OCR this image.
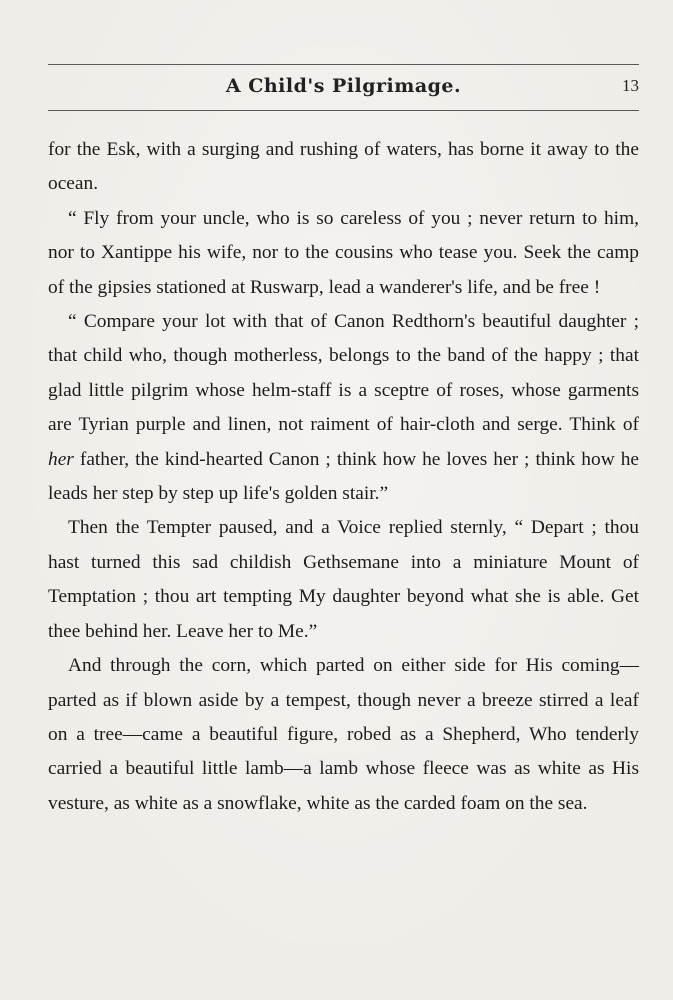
A Child's Pilgrimage.	13

for the Esk, with a surging and rushing of waters, has borne it away to the ocean.

“ Fly from your uncle, who is so careless of you ; never return to him, nor to Xantippe his wife, nor to the cousins who tease you. Seek the camp of the gipsies stationed at Ruswarp, lead a wanderer's life, and be free !

“ Compare your lot with that of Canon Redthorn's beautiful daughter ; that child who, though motherless, belongs to the band of the happy ; that glad little pilgrim whose helm-staff is a sceptre of roses, whose garments are Tyrian purple and linen, not raiment of hair-cloth and serge. Think of her father, the kind-hearted Canon ; think how he loves her ; think how he leads her step by step up life's golden stair.”

Then the Tempter paused, and a Voice replied sternly, “ Depart ; thou hast turned this sad childish Gethsemane into a miniature Mount of Temptation ; thou art tempting My daughter beyond what she is able. Get thee behind her. Leave her to Me.”

And through the corn, which parted on either side for His coming—parted as if blown aside by a tempest, though never a breeze stirred a leaf on a tree—came a beautiful figure, robed as a Shepherd, Who tenderly carried a beautiful little lamb—a lamb whose fleece was as white as His vesture, as white as a snowflake, white as the carded foam on the sea.
